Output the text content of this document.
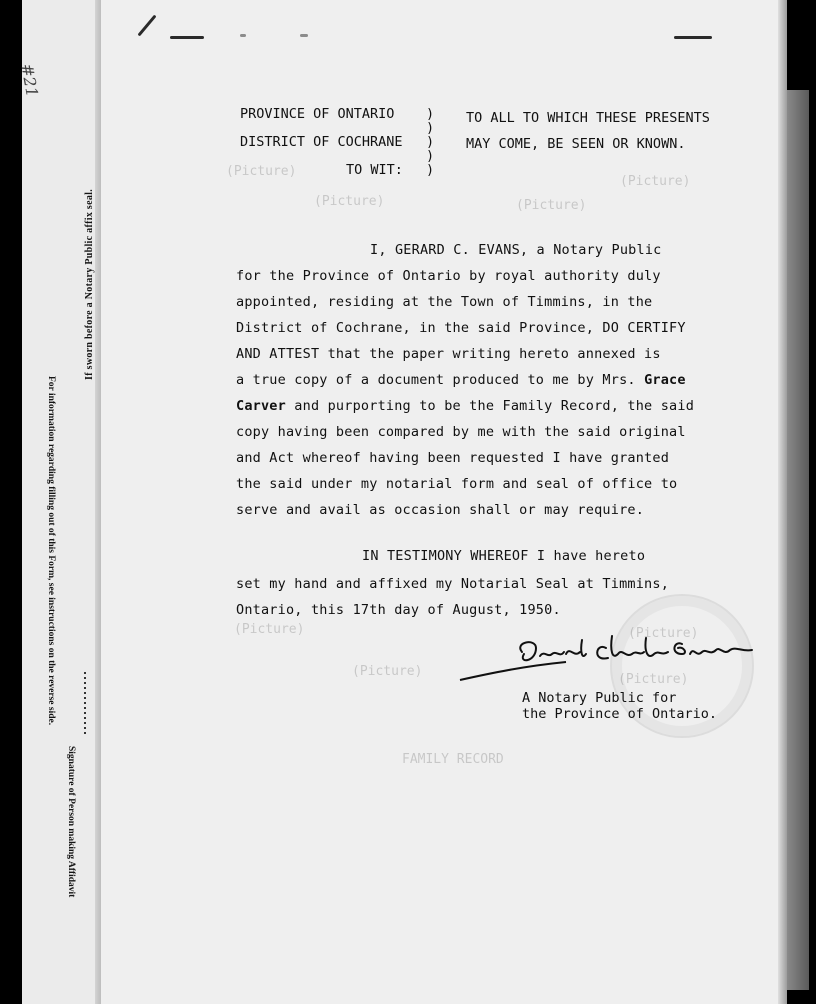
#21
If sworn before a Notary Public affix seal.
For information regarding filling out of this Form, see instructions on the reverse side.
Signature of Person making Affidavit
(Picture)
(Picture)
(Picture)	(Picture)
(Picture)	(Picture)
(Picture)
(Picture)
FAMILY RECORD
PROVINCE OF ONTARIO
DISTRICT OF COCHRANE
TO WIT:
)
)
)
)
)
TO ALL TO WHICH THESE PRESENTS
MAY COME, BE SEEN OR KNOWN.
I, GERARD C. EVANS, a Notary Public
for the Province of Ontario by royal authority duly
appointed, residing at the Town of Timmins, in the
District of Cochrane, in the said Province, DO CERTIFY
AND ATTEST that the paper writing hereto annexed is
a true copy of a document produced to me by Mrs. Grace
Carver and purporting to be the Family Record, the said
copy having been compared by me with the said original
and Act whereof having been requested I have granted
the said under my notarial form and seal of office to
serve and avail as occasion shall or may require.
IN TESTIMONY WHEREOF I have hereto
set my hand and affixed my Notarial Seal at Timmins,
Ontario, this 17th day of August, 1950.
A Notary Public for
the Province of Ontario.
